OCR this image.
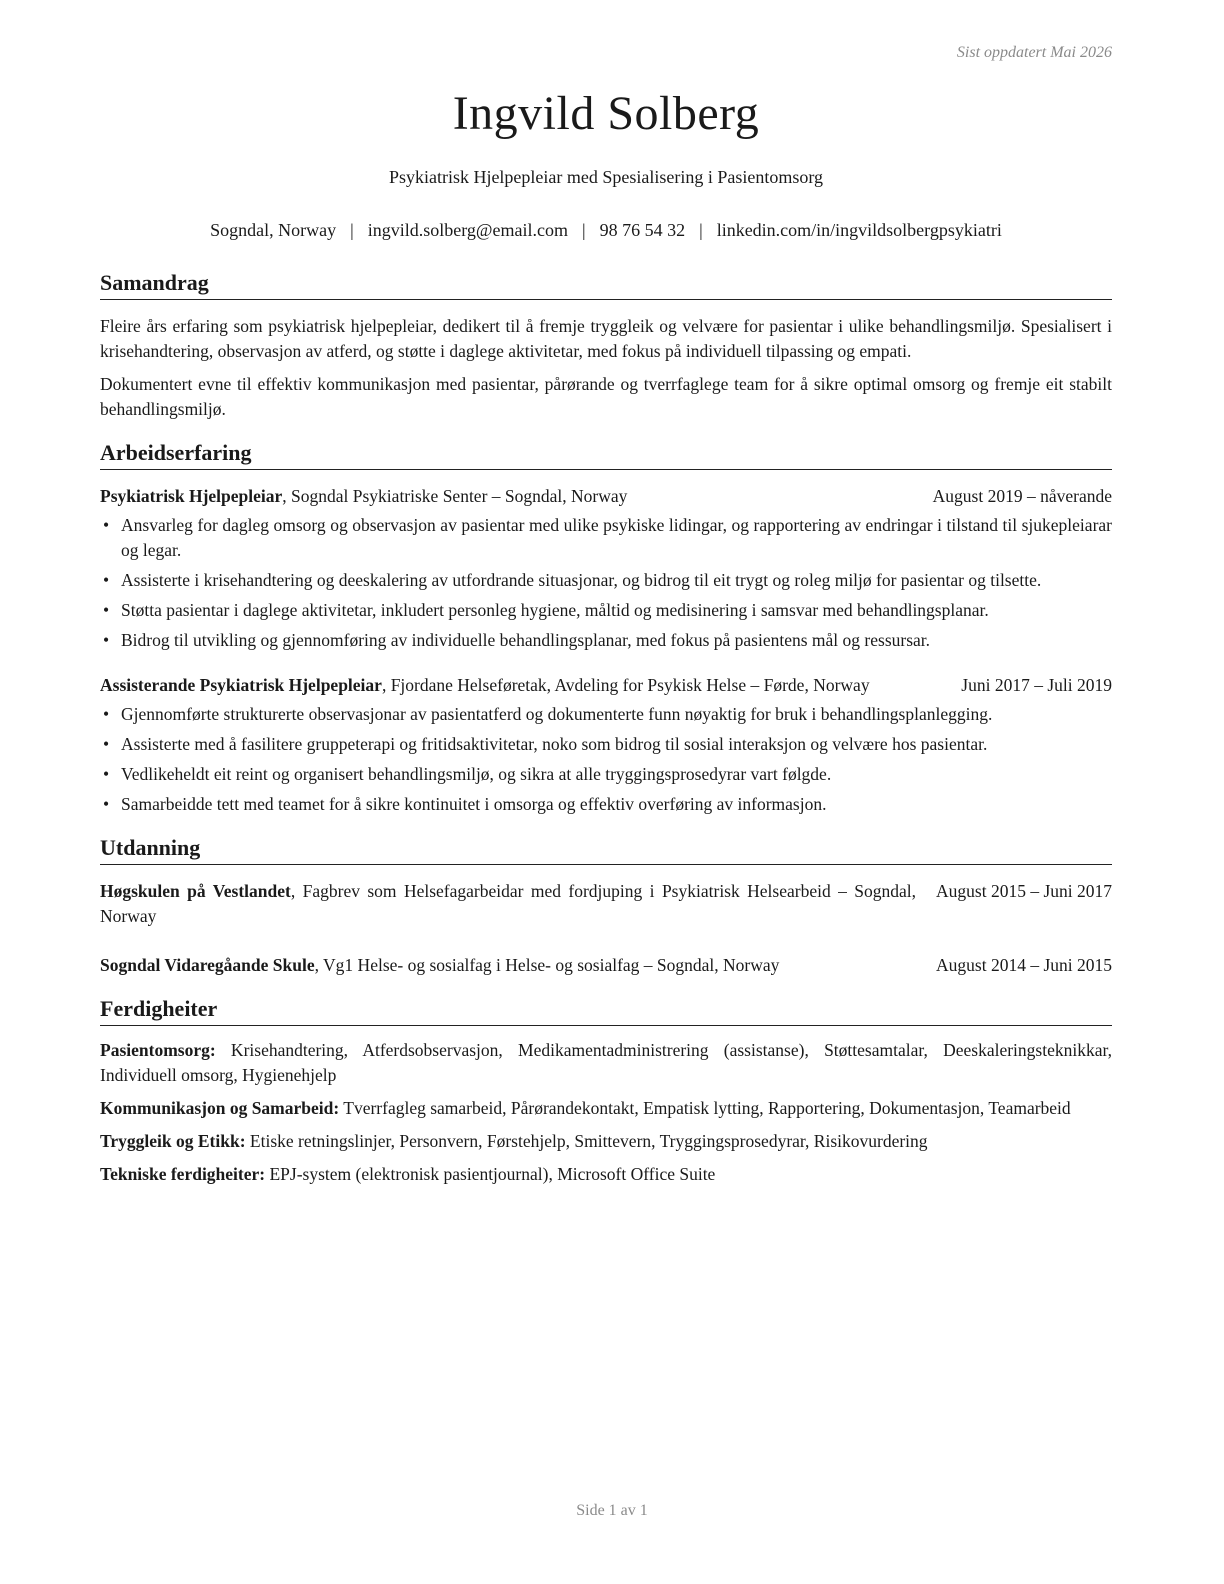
Sist oppdatert Mai 2026
Ingvild Solberg
Psykiatrisk Hjelpepleiar med Spesialisering i Pasientomsorg
Sogndal, Norway | ingvild.solberg@email.com | 98 76 54 32 | linkedin.com/in/ingvildsolbergpsykiatri
Samandrag

Fleire års erfaring som psykiatrisk hjelpepleiar, dedikert til å fremje tryggleik og velvære for pasientar i ulike behandlingsmiljø. Spesialisert i krisehandtering, observasjon av atferd, og støtte i daglege aktivitetar, med fokus på individuell tilpassing og empati.

Dokumentert evne til effektiv kommunikasjon med pasientar, pårørande og tverrfaglege team for å sikre optimal omsorg og fremje eit stabilt behandlingsmiljø.

Arbeidserfaring
Psykiatrisk Hjelpepleiar, Sogndal Psykiatriske Senter – Sogndal, Norway	August 2019 – nåverande
• Ansvarleg for dagleg omsorg og observasjon av pasientar med ulike psykiske lidingar, og rapportering av endringar i tilstand til sjukepleiarar og legar.
• Assisterte i krisehandtering og deeskalering av utfordrande situasjonar, og bidrog til eit trygt og roleg miljø for pasientar og tilsette.
• Støtta pasientar i daglege aktivitetar, inkludert personleg hygiene, måltid og medisinering i samsvar med behandlingsplanar.
• Bidrog til utvikling og gjennomføring av individuelle behandlingsplanar, med fokus på pasientens mål og ressursar.
Assisterande Psykiatrisk Hjelpepleiar, Fjordane Helseføretak, Avdeling for Psykisk Helse – Førde, Norway	Juni 2017 – Juli 2019
• Gjennomførte strukturerte observasjonar av pasientatferd og dokumenterte funn nøyaktig for bruk i behandlingsplanlegging.
• Assisterte med å fasilitere gruppeterapi og fritidsaktivitetar, noko som bidrog til sosial interaksjon og velvære hos pasientar.
• Vedlikeheldt eit reint og organisert behandlingsmiljø, og sikra at alle tryggingsprosedyrar vart følgde.
• Samarbeidde tett med teamet for å sikre kontinuitet i omsorga og effektiv overføring av informasjon.
Utdanning
Høgskulen på Vestlandet, Fagbrev som Helsefagarbeidar med fordjuping i Psykiatrisk Helsearbeid – Sogndal, Norway
August 2015 – Juni 2017
Sogndal Vidaregåande Skule, Vg1 Helse- og sosialfag i Helse- og sosialfag – Sogndal, Norway	August 2014 – Juni 2015
Ferdigheiter

Pasientomsorg: Krisehandtering, Atferdsobservasjon, Medikamentadministrering (assistanse), Støttesamtalar, Deeskaleringsteknikkar, Individuell omsorg, Hygienehjelp

Kommunikasjon og Samarbeid: Tverrfagleg samarbeid, Pårørandekontakt, Empatisk lytting, Rapportering, Dokumentasjon, Teamarbeid

Tryggleik og Etikk: Etiske retningslinjer, Personvern, Førstehjelp, Smittevern, Tryggingsprosedyrar, Risikovurdering

Tekniske ferdigheiter: EPJ-system (elektronisk pasientjournal), Microsoft Office Suite

Side 1 av 1
